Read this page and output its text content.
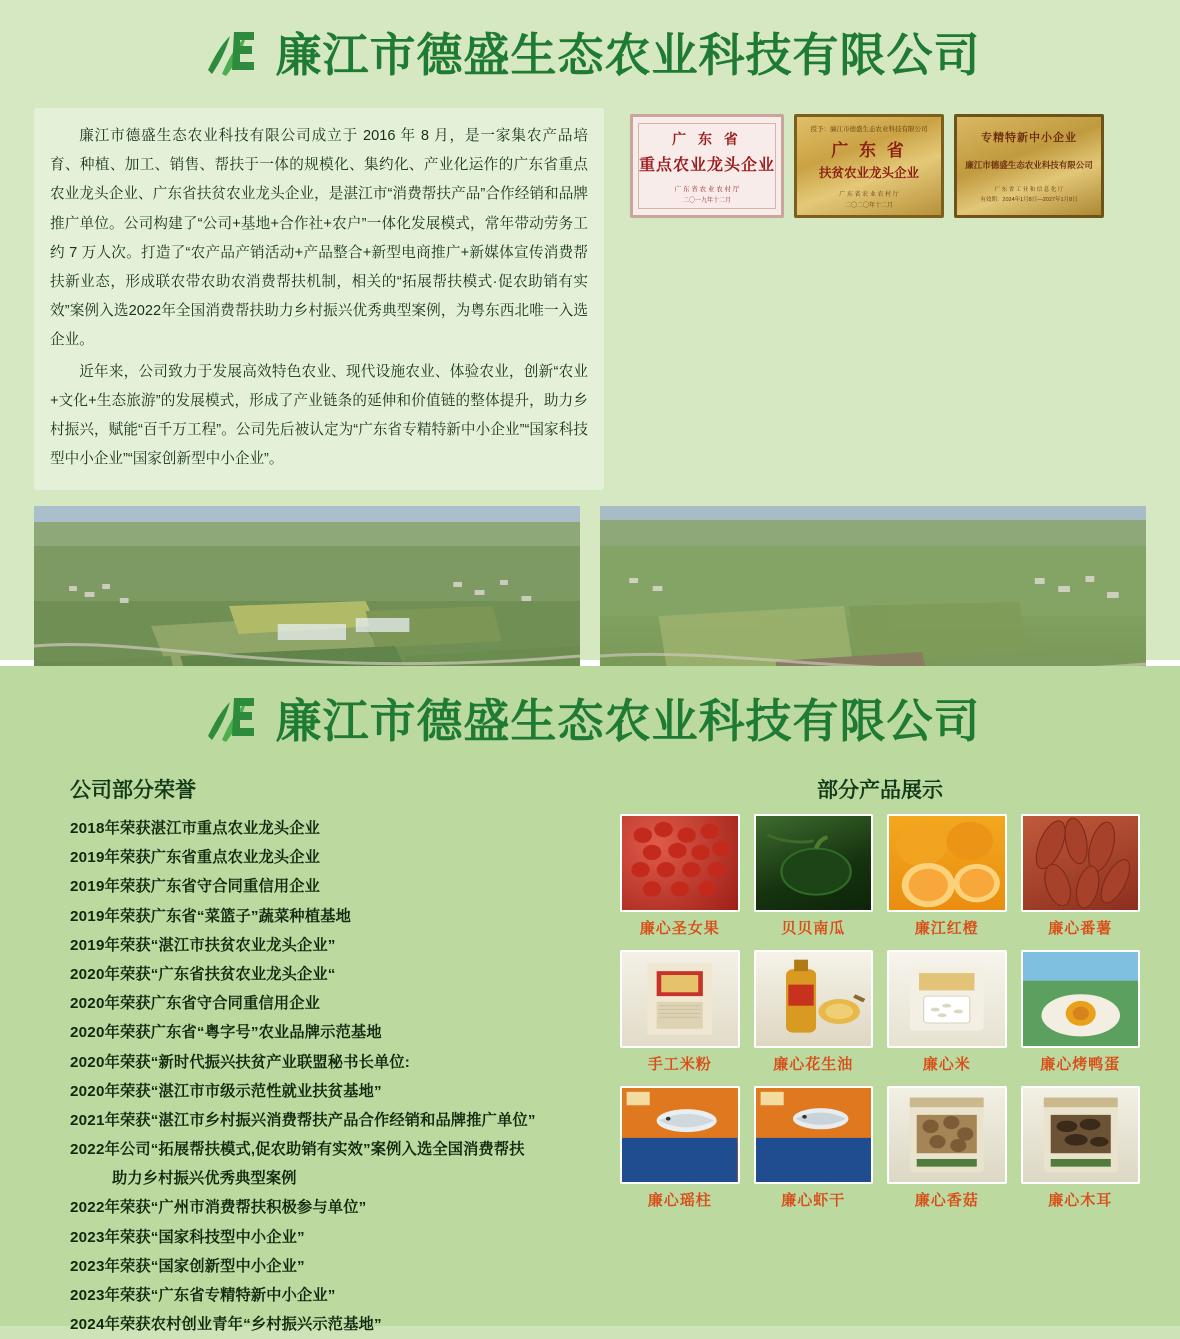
廉江市德盛生态农业科技有限公司

廉江市德盛生态农业科技有限公司成立于 2016 年 8 月，是一家集农产品培育、种植、加工、销售、帮扶于一体的规模化、集约化、产业化运作的广东省重点农业龙头企业、广东省扶贫农业龙头企业，是湛江市“消费帮扶产品”合作经销和品牌推广单位。公司构建了“公司+基地+合作社+农户”一体化发展模式，常年带动劳务工约 7 万人次。打造了“农产品产销活动+产品整合+新型电商推广+新媒体宣传消费帮扶新业态，形成联农带农助农消费帮扶机制，相关的“拓展帮扶模式·促农助销有实效”案例入选2022年全国消费帮扶助力乡村振兴优秀典型案例，为粤东西北唯一入选企业。

近年来，公司致力于发展高效特色农业、现代设施农业、体验农业，创新“农业+文化+生态旅游”的发展模式，形成了产业链条的延伸和价值链的整体提升，助力乡村振兴，赋能“百千万工程”。公司先后被认定为“广东省专精特新中小企业”“国家科技型中小企业”“国家创新型中小企业”。

广 东 省
重点农业龙头企业
广 东 省 农 业 农 村 厅
二〇一九年十二月
授予：廉江市德盛生态农业科技有限公司
广 东 省
扶贫农业龙头企业
广 东 省 农 业 农 村 厅
二〇二〇年十二月
专精特新中小企业
廉江市德盛生态农业科技有限公司
广 东 省 工 业 和 信 息 化 厅
有效期：2024年1月8日—2027年1月8日
廉江市德盛生态农业科技有限公司
公司部分荣誉
2018年荣获湛江市重点农业龙头企业
2019年荣获广东省重点农业龙头企业
2019年荣获广东省守合同重信用企业
2019年荣获广东省“菜篮子”蔬菜种植基地
2019年荣获“湛江市扶贫农业龙头企业”
2020年荣获“广东省扶贫农业龙头企业“
2020年荣获广东省守合同重信用企业
2020年荣获广东省“粤字号”农业品牌示范基地
2020年荣获“新时代振兴扶贫产业联盟秘书长单位:
2020年荣获“湛江市市级示范性就业扶贫基地”
2021年荣获“湛江市乡村振兴消费帮扶产品合作经销和品牌推广单位”
2022年公司“拓展帮扶模式,促农助销有实效”案例入选全国消费帮扶
助力乡村振兴优秀典型案例
2022年荣获“广州市消费帮扶积极参与单位”
2023年荣获“国家科技型中小企业”
2023年荣获“国家创新型中小企业”
2023年荣获“广东省专精特新中小企业”
2024年荣获农村创业青年“乡村振兴示范基地”
部分产品展示
廉心圣女果	贝贝南瓜	廉江红橙	廉心番薯
手工米粉	廉心花生油	廉心米	廉心烤鸭蛋
廉心瑶柱	廉心虾干	廉心香菇	廉心木耳
